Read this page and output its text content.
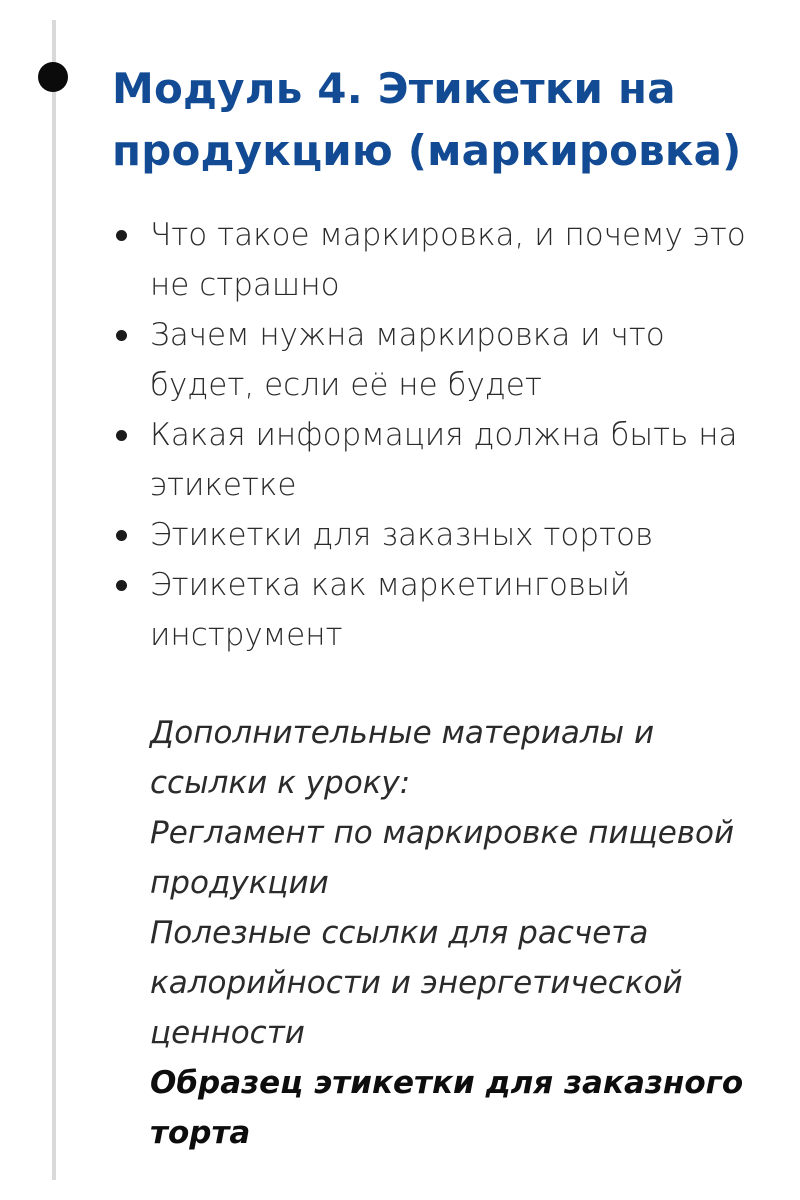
Модуль 4. Этикетки на продукцию (маркировка)
Что такое маркировка, и почему это не страшно
Зачем нужна маркировка и что будет, если её не будет
Какая информация должна быть на этикетке
Этикетки для заказных тортов
Этикетка как маркетинговый инструмент
Дополнительные материалы и ссылки к уроку:
Регламент по маркировке пищевой продукции
Полезные ссылки для расчета калорийности и энергетической ценности
Образец этикетки для заказного торта
